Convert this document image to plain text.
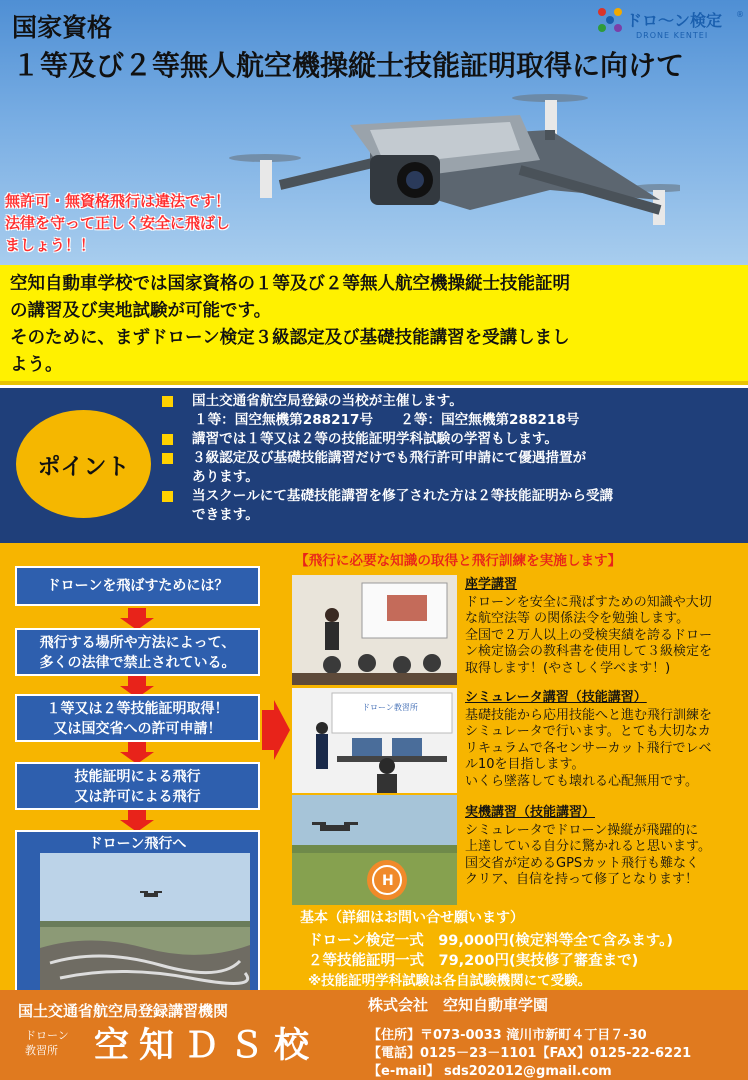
国家資格
１等及び２等無人航空機操縦士技能証明取得に向けて
ドロ〜ン検定 ®
DRONE KENTEI
無許可・無資格飛行は違法です！
法律を守って正しく安全に飛ばし
ましょう！！

空知自動車学校では国家資格の１等及び２等無人航空機操縦士技能証明
の講習及び実地試験が可能です。
そのために、まずドローン検定３級認定及び基礎技能講習を受講しまし
よう。

ポイント
国土交通省航空局登録の当校が主催します。
１等：国空無機第288217号　　２等：国空無機第288218号
講習では１等又は２等の技能証明学科試験の学習もします。
３級認定及び基礎技能講習だけでも飛行許可申請にて優遇措置が
あります。
当スクールにて基礎技能講習を修了された方は２等技能証明から受講
できます。
【飛行に必要な知識の取得と飛行訓練を実施します】
ドローンを飛ばすためには？
飛行する場所や方法によって、
多くの法律で禁止されている。
１等又は２等技能証明取得！
又は国交省への許可申請！
技能証明による飛行
又は許可による飛行
ドローン飛行へ
ドローン教習所
H
座学講習
ドローンを安全に飛ばすための知識や大切
な航空法等 の関係法令を勉強します。
全国で２万人以上の受検実績を誇るドロー
ン検定協会の教科書を使用して３級検定を
取得します！(やさしく学べます！)
シミュレータ講習（技能講習）
基礎技能から応用技能へと進む飛行訓練を
シミュレータで行います。とても大切なカ
リキュラムで各センサーカット飛行でレベ
ル10を目指します。
いくら墜落しても壊れる心配無用です。
実機講習（技能講習）
シミュレータでドローン操縦が飛躍的に
上達している自分に驚かれると思います。
国交省が定めるGPSカット飛行も難なく
クリア、自信を持って修了となります！
基本（詳細はお問い合せ願います）
ドローン検定一式　99,000円(検定料等全て含みます。)
２等技能証明一式　79,200円(実技修了審査まで)
※技能証明学科試験は各自試験機関にて受験。
国土交通省航空局登録講習機関
ドローン
教習所	空知ＤＳ校
株式会社　空知自動車学園
【住所】〒073-0033 滝川市新町４丁目７-30
【電話】0125－23－1101【FAX】0125-22-6221
【e-mail】 sds202012@gmail.com
